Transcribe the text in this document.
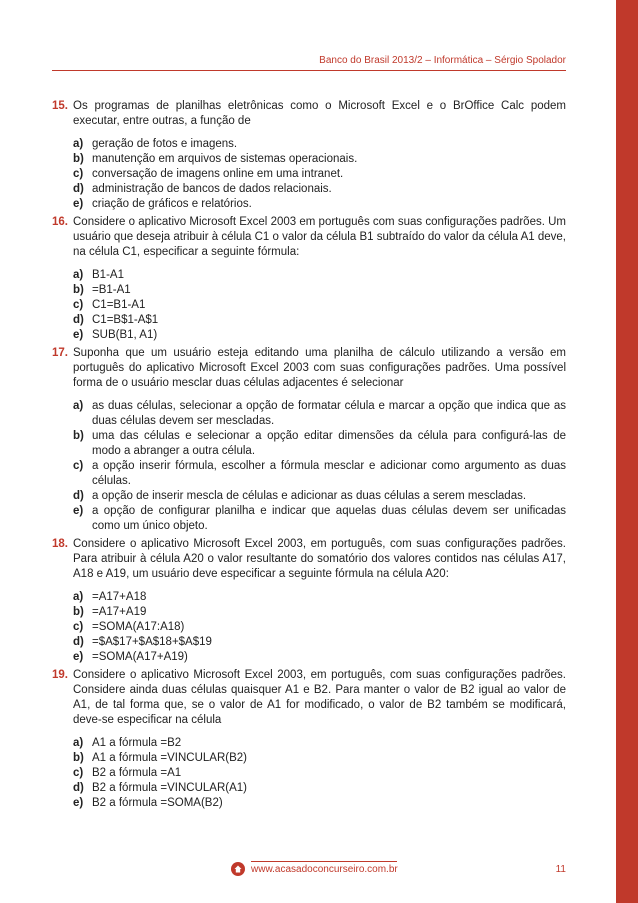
Banco do Brasil 2013/2 – Informática – Sérgio Spolador
15. Os programas de planilhas eletrônicas como o Microsoft Excel e o BrOffice Calc podem executar, entre outras, a função de
a) geração de fotos e imagens.
b) manutenção em arquivos de sistemas operacionais.
c) conversação de imagens online em uma intranet.
d) administração de bancos de dados relacionais.
e) criação de gráficos e relatórios.
16. Considere o aplicativo Microsoft Excel 2003 em português com suas configurações padrões. Um usuário que deseja atribuir à célula C1 o valor da célula B1 subtraído do valor da célula A1 deve, na célula C1, especificar a seguinte fórmula:
a) B1-A1
b) =B1-A1
c) C1=B1-A1
d) C1=B$1-A$1
e) SUB(B1, A1)
17. Suponha que um usuário esteja editando uma planilha de cálculo utilizando a versão em português do aplicativo Microsoft Excel 2003 com suas configurações padrões. Uma possível forma de o usuário mesclar duas células adjacentes é selecionar
a) as duas células, selecionar a opção de formatar célula e marcar a opção que indica que as duas células devem ser mescladas.
b) uma das células e selecionar a opção editar dimensões da célula para configurá-las de modo a abranger a outra célula.
c) a opção inserir fórmula, escolher a fórmula mesclar e adicionar como argumento as duas células.
d) a opção de inserir mescla de células e adicionar as duas células a serem mescladas.
e) a opção de configurar planilha e indicar que aquelas duas células devem ser unificadas como um único objeto.
18. Considere o aplicativo Microsoft Excel 2003, em português, com suas configurações padrões. Para atribuir à célula A20 o valor resultante do somatório dos valores contidos nas células A17, A18 e A19, um usuário deve especificar a seguinte fórmula na célula A20:
a) =A17+A18
b) =A17+A19
c) =SOMA(A17:A18)
d) =$A$17+$A$18+$A$19
e) =SOMA(A17+A19)
19. Considere o aplicativo Microsoft Excel 2003, em português, com suas configurações padrões. Considere ainda duas células quaisquer A1 e B2. Para manter o valor de B2 igual ao valor de A1, de tal forma que, se o valor de A1 for modificado, o valor de B2 também se modificará, deve-se especificar na célula
a) A1 a fórmula =B2
b) A1 a fórmula =VINCULAR(B2)
c) B2 a fórmula =A1
d) B2 a fórmula =VINCULAR(A1)
e) B2 a fórmula =SOMA(B2)
www.acasadoconcurseiro.com.br	11
